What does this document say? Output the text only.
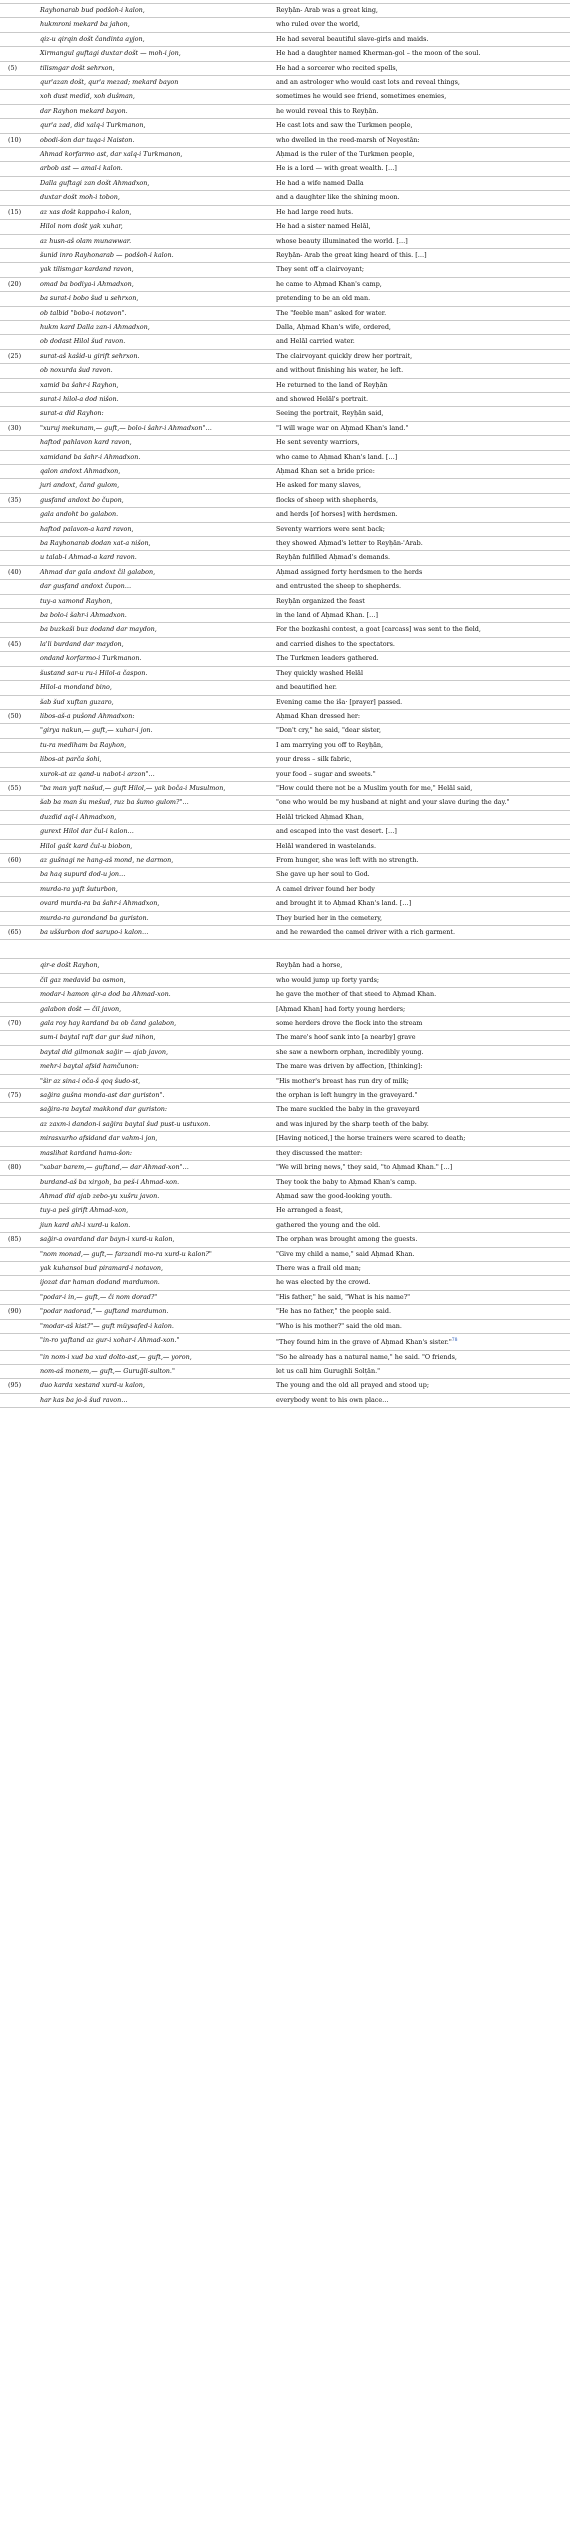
Rayhonarab bud podšoh-i kalon,	Reyḥān- Arab was a great king,
hukmroni mekard ba jahon,	who ruled over the world,
qiz-u qirqin došt čandinta ayjon,	He had several beautiful slave-girls and maids.
Xirmangul guftagi duxtar došt — moh-i jon,	He had a daughter named Kherman-gol – the moon of the soul.
(5)	tilismgar došt sehrxon,	He had a sorcerer who recited spells,
qur'azan došt, qur'a mezad; mekard bayon	and an astrologer who would cast lots and reveal things,
xoh dust medid, xoh dušman,	sometimes he would see friend, sometimes enemies,
dar Rayhon mekard bayon.	he would reveal this to Reyḥān.
qur'a zad, did xalq-i Turkmanon,	He cast lots and saw the Turkmen people,
(10)	obodi-šon dar tuqa-i Naiston.	who dwelled in the reed-marsh of Neyestān:
Ahmad korfarmo ast, dar xalq-i Turkmanon,	Aḥmad is the ruler of the Turkmen people,
arbob ast — amal-i kalon.	He is a lord — with great wealth. […]
Dalla guftagi zan došt Ahmadxon,	He had a wife named Dalla
duxtar došt moh-i tobon,	and a daughter like the shining moon.
(15)	az xas došt kappaho-i kalon,	He had large reed huts.
Hilol nom došt yak xuhar,	He had a sister named Helāl,
az husn-aš olam munawwar.	whose beauty illuminated the world. […]
šunid inro Rayhonarab — podšoh-i kalon.	Reyḥān- Arab the great king heard of this. […]
yak tilismgar kardand ravon,	They sent off a clairvoyant;
(20)	omad ba bodiya-i Ahmadxon,	he came to Aḥmad Khan's camp,
ba surat-i bobo šud u sehrxon,	pretending to be an old man.
ob talbid "bobo-i notavon".	The "feeble man" asked for water.
hukm kard Dalla zan-i Ahmadxon,	Dalla, Aḥmad Khan's wife, ordered,
ob dodast Hilol šud ravon.	and Helāl carried water.
(25)	surat-aš kašid-u girift sehrxon.	The clairvoyant quickly drew her portrait,
ob noxurda šud ravon.	and without finishing his water, he left.
xamid ba šahr-i Rayhon,	He returned to the land of Reyḥān
surat-i hilol-a dod nišon.	and showed Helāl's portrait.
surat-a did Rayhon:	Seeing the portrait, Reyḥān said,
(30)	"xuruj mekunam,— guft,— bolo-i šahr-i Ahmadxon"…	"I will wage war on Aḥmad Khan's land."
haftod pahlavon kard ravon,	He sent seventy warriors,
xamidand ba šahr-i Ahmadxon.	who came to Aḥmad Khan's land. […]
qalon andoxt Ahmadxon,	Aḥmad Khan set a bride price:
juri andoxt, čand gulom,	He asked for many slaves,
(35)	gusfand andoxt bo čupon,	flocks of sheep with shepherds,
gala andoht bo galabon.	and herds [of horses] with herdsmen.
haftod palavon-a kard ravon,	Seventy warriors were sent back;
ba Rayhonarab dodan xat-a nišon,	they showed Aḥmad's letter to Reyḥān-ʿArab.
u talab-i Ahmad-a kard ravon.	Reyḥān fulfilled Aḥmad's demands.
(40)	Ahmad dar gala andoxt čil galabon,	Aḥmad assigned forty herdsmen to the herds
dar gusfand andoxt čupon…	and entrusted the sheep to shepherds.
tuy-a xamond Rayhon,	Reyḥān organized the feast
ba bolo-i šahr-i Ahmadxon.	in the land of Aḥmad Khan. […]
ba buzkaši buz dodand dar maydon,	For the bozkashi contest, a goat [carcass] was sent to the field,
(45)	la'li burdand dar maydon,	and carried dishes to the spectators.
ondand korfarmo-i Turkmanon.	The Turkmen leaders gathered.
šustand sar-u ru-i Hilol-a časpon.	They quickly washed Helāl
Hilol-a mondand bino,	and beautified her.
šab šud xuftan guzaro,	Evening came the iša· [prayer] passed.
(50)	libos-aš-a pušond Ahmadxon:	Aḥmad Khan dressed her:
"girya nakun,— guft,— xuhar-i jon.	"Don't cry," he said, "dear sister,
tu-ra mediham ba Rayhon,	I am marrying you off to Reyḥān,
libos-at parča šohi,	your dress – silk fabric,
xurok-at az qand-u nabot-i arzon"…	your food – sugar and sweets."
(55)	"ba man yaft našud,— guft Hilol,— yak boča-i Musulmon,	"How could there not be a Muslim youth for me," Helāl said,
šab ba man šu mešud, ruz ba šumo gulom?"…	"one who would be my husband at night and your slave during the day."
duzdid aql-i Ahmadxon,	Helāl tricked Aḥmad Khan,
gurext Hilol dar čul-i kalon…	and escaped into the vast desert. […]
Hilol gašt kard čul-u biobon,	Helāl wandered in wastelands.
(60)	az gušnagi ne hang-aš mond, ne darmon,	From hunger, she was left with no strength.
ba haq supurd dod-u jon…	She gave up her soul to God.
murda-ra yaft šuturbon,	A camel driver found her body
ovard murda-ra ba šahr-i Ahmadxon,	and brought it to Aḥmad Khan's land. […]
murda-ra gurondand ba guriston.	They buried her in the cemetery,
(65)	ba uššurbon dod sarupo-i kalon…	and he rewarded the camel driver with a rich garment.
qir-e došt Rayhon,	Reyḥān had a horse,
čil gaz medavid ba osmon,	who would jump up forty yards;
modar-i hamon qir-a dod ba Ahmad-xon.	he gave the mother of that steed to Aḥmad Khan.
galabon došt — čil javon,	[Aḥmad Khan] had forty young herders;
(70)	gala roy hay kardand ba ob čand galabon,	some herders drove the flock into the stream
sum-i baytal raft dar gur šud nihon,	The mare's hoof sank into [a nearby] grave
baytal did gilmonak sağir — ajab javon,	she saw a newborn orphan, incredibly young.
mehr-i baytal afsid hamčunon:	The mare was driven by affection, [thinking]:
"šir az sina-i oča-š qoq šudo-st,	"His mother's breast has run dry of milk;
(75)	sağira gušna monda-ast dar guriston".	the orphan is left hungry in the graveyard."
sağira-ra baytal makkond dar guriston:	The mare suckled the baby in the graveyard
az zaxm-i dandon-i sağira baytal šud pust-u ustuxon.	and was injured by the sharp teeth of the baby.
mirasxurho afsidand dar vahm-i jon,	[Having noticed,] the horse trainers were scared to death;
maslihat kardand hama-šon:	they discussed the matter:
(80)	"xabar barem,— guftand,— dar Ahmad-xon"…	"We will bring news," they said, "to Aḥmad Khan." […]
burdand-aš ba xirgoh, ba peš-i Ahmad-xon.	They took the baby to Aḥmad Khan's camp.
Ahmad did ajab zebo-yu xušru javon.	Aḥmad saw the good-looking youth.
tuy-a peš girift Ahmad-xon,	He arranged a feast,
jiun kard ahl-i xurd-u kalon.	gathered the young and the old.
(85)	sağir-a ovardand dar bayn-i xurd-u kalon,	The orphan was brought among the guests.
"nom monad,— guft,— farzandi mo-ra xurd-u kalon?"	"Give my child a name," said Aḥmad Khan.
yak kuhansol bud piramard-i notavon,	There was a frail old man;
ijozat dar haman dodand mardumon.	he was elected by the crowd.
"podar-i in,— guft,— či nom dorad?"	"His father," he said, "What is his name?"
(90)	"podar nadorad,"— guftand mardumon.	"He has no father," the people said.
"modar-aš kist?"— guft müysafed-i kalon.	"Who is his mother?" said the old man.
"in-ro yaftand az gur-i xohar-i Ahmad-xon."	"They found him in the grave of Aḥmad Khan's sister."$^{78}$
"in nom-i xud ba xud dolto-ast,— guft,— yoron,	"So he already has a natural name," he said. "O friends,
nom-aš monem,— guft,— Guruğli-sulton."	let us call him Gurughli Solṭān."
(95)	duo karda xestand xurd-u kalon,	The young and the old all prayed and stood up;
har kas ba jo-š šud ravon…	everybody went to his own place…
